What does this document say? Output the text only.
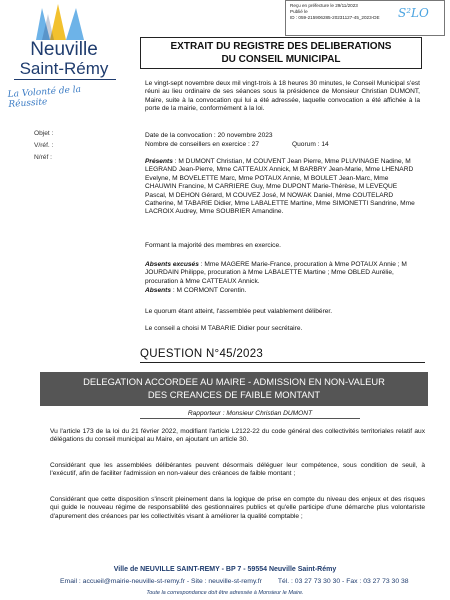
Neuville
Saint-Rémy
La Volonté de la Réussite
Reçu en préfecture le 29/11/2023
Publié le
ID : 059-215906285-20231127-45_2023-DE	S²LO
EXTRAIT DU REGISTRE DES DELIBERATIONS
DU CONSEIL MUNICIPAL
Objet :
V/réf. :
N/réf :
Le vingt-sept novembre deux mil vingt-trois à 18 heures 30 minutes, le Conseil Municipal s'est réuni au lieu ordinaire de ses séances sous la présidence de Monsieur Christian DUMONT, Maire, suite à la convocation qui lui a été adressée, laquelle convocation a été affichée à la porte de la mairie, conformément à la loi.
Date de la convocation : 20 novembre 2023
Nombre de conseillers en exercice : 27	Quorum : 14
Présents : M DUMONT Christian, M COUVENT Jean Pierre, Mme PLUVINAGE Nadine, M LEGRAND Jean-Pierre, Mme CATTEAUX Annick, M BARBRY Jean-Marie, Mme LHENARD Evelyne, M BOVELETTE Marc, Mme POTAUX Annie, M BOULET Jean-Marc, Mme CHAUWIN Francine, M CARRIERE Guy, Mme DUPONT Marie-Thérèse, M LEVEQUE Pascal, M DEHON Gérard, M COUVEZ José, M NOWAK Daniel, Mme COUTELARD Catherine, M TABARIE Didier, Mme LABALETTE Martine, Mme SIMONETTI Sandrine, Mme LACROIX Audrey, Mme SOUBRIER Amandine.
Formant la majorité des membres en exercice.
Absents excusés : Mme MAGERE Marie-France, procuration à Mme POTAUX Annie ; M JOURDAIN Philippe, procuration à Mme LABALETTE Martine ; Mme OBLED Aurélie, procuration à Mme CATTEAUX Annick.
Absents : M CORMONT Corentin.
Le quorum étant atteint, l'assemblée peut valablement délibérer.
Le conseil a choisi M TABARIE Didier pour secrétaire.
QUESTION N°45/2023
DELEGATION ACCORDEE AU MAIRE - ADMISSION EN NON-VALEUR
DES CREANCES DE FAIBLE MONTANT
Rapporteur : Monsieur Christian DUMONT
Vu l'article 173 de la loi du 21 février 2022, modifiant l'article L2122-22 du code général des collectivités territoriales relatif aux délégations du conseil municipal au Maire, en ajoutant un article 30.
Considérant que les assemblées délibérantes peuvent désormais déléguer leur compétence, sous condition de seuil, à l'exécutif, afin de faciliter l'admission en non-valeur des créances de faible montant ;
Considérant que cette disposition s'inscrit pleinement dans la logique de prise en compte du niveau des enjeux et des risques qui guide le nouveau régime de responsabilité des gestionnaires publics et qu'elle participe d'une démarche plus volontariste d'apurement des créances par les collectivités visant à améliorer la qualité comptable ;
Ville de NEUVILLE SAINT-REMY - BP 7 - 59554 Neuville Saint-Rémy
Email : accueil@mairie-neuville-st-remy.fr - Site : neuville-st-remy.fr Tél. : 03 27 73 30 30 - Fax : 03 27 73 30 38
Toute la correspondance doit être adressée à Monsieur le Maire.
